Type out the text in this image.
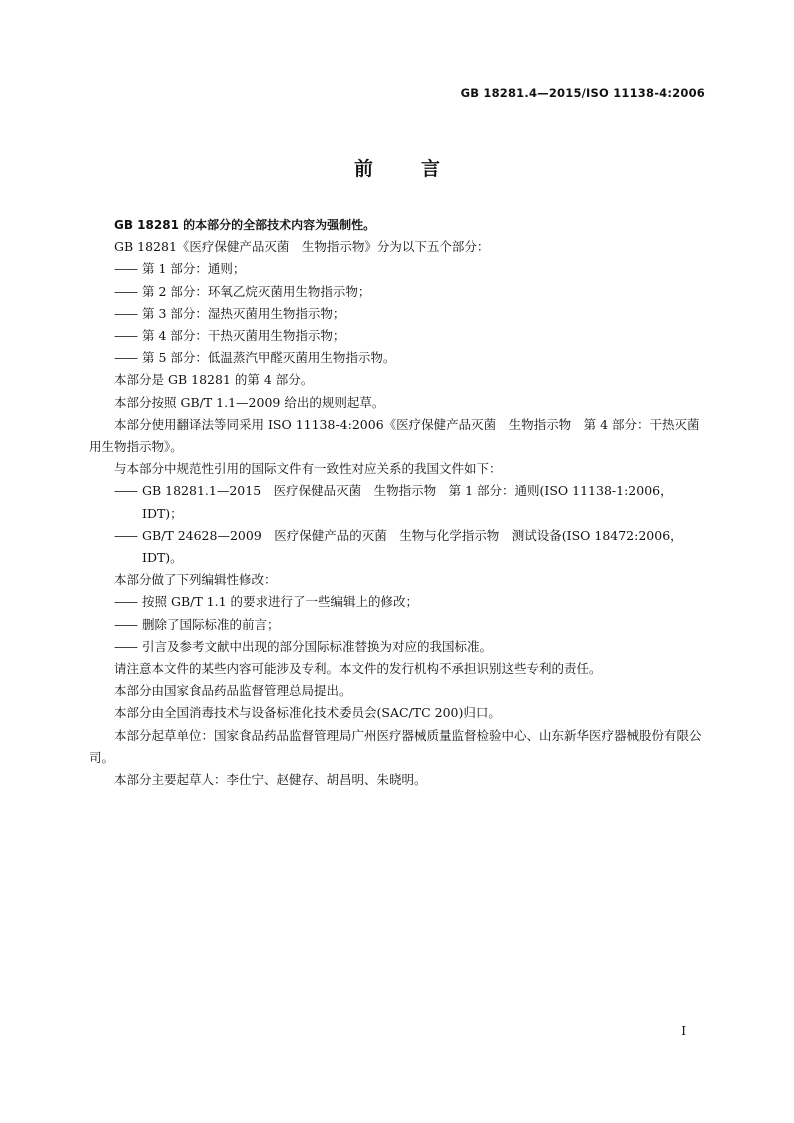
GB 18281.4—2015/ISO 11138-4:2006
前言

GB 18281 的本部分的全部技术内容为强制性。

GB 18281《医疗保健产品灭菌　生物指示物》分为以下五个部分：

—— 第 1 部分：通则；

—— 第 2 部分：环氧乙烷灭菌用生物指示物；

—— 第 3 部分：湿热灭菌用生物指示物；

—— 第 4 部分：干热灭菌用生物指示物；

—— 第 5 部分：低温蒸汽甲醛灭菌用生物指示物。

本部分是 GB 18281 的第 4 部分。

本部分按照 GB/T 1.1—2009 给出的规则起草。

本部分使用翻译法等同采用 ISO 11138-4:2006《医疗保健产品灭菌　生物指示物　第 4 部分：干热灭菌用生物指示物》。

与本部分中规范性引用的国际文件有一致性对应关系的我国文件如下：

—— GB 18281.1—2015　医疗保健品灭菌　生物指示物　第 1 部分：通则(ISO 11138-1:2006，IDT)；

—— GB/T 24628—2009　医疗保健产品的灭菌　生物与化学指示物　测试设备(ISO 18472:2006，IDT)。

本部分做了下列编辑性修改：

—— 按照 GB/T 1.1 的要求进行了一些编辑上的修改；

—— 删除了国际标准的前言；

—— 引言及参考文献中出现的部分国际标准替换为对应的我国标准。

请注意本文件的某些内容可能涉及专利。本文件的发行机构不承担识别这些专利的责任。

本部分由国家食品药品监督管理总局提出。

本部分由全国消毒技术与设备标准化技术委员会(SAC/TC 200)归口。

本部分起草单位：国家食品药品监督管理局广州医疗器械质量监督检验中心、山东新华医疗器械股份有限公司。

本部分主要起草人：李仕宁、赵健存、胡昌明、朱晓明。

I
